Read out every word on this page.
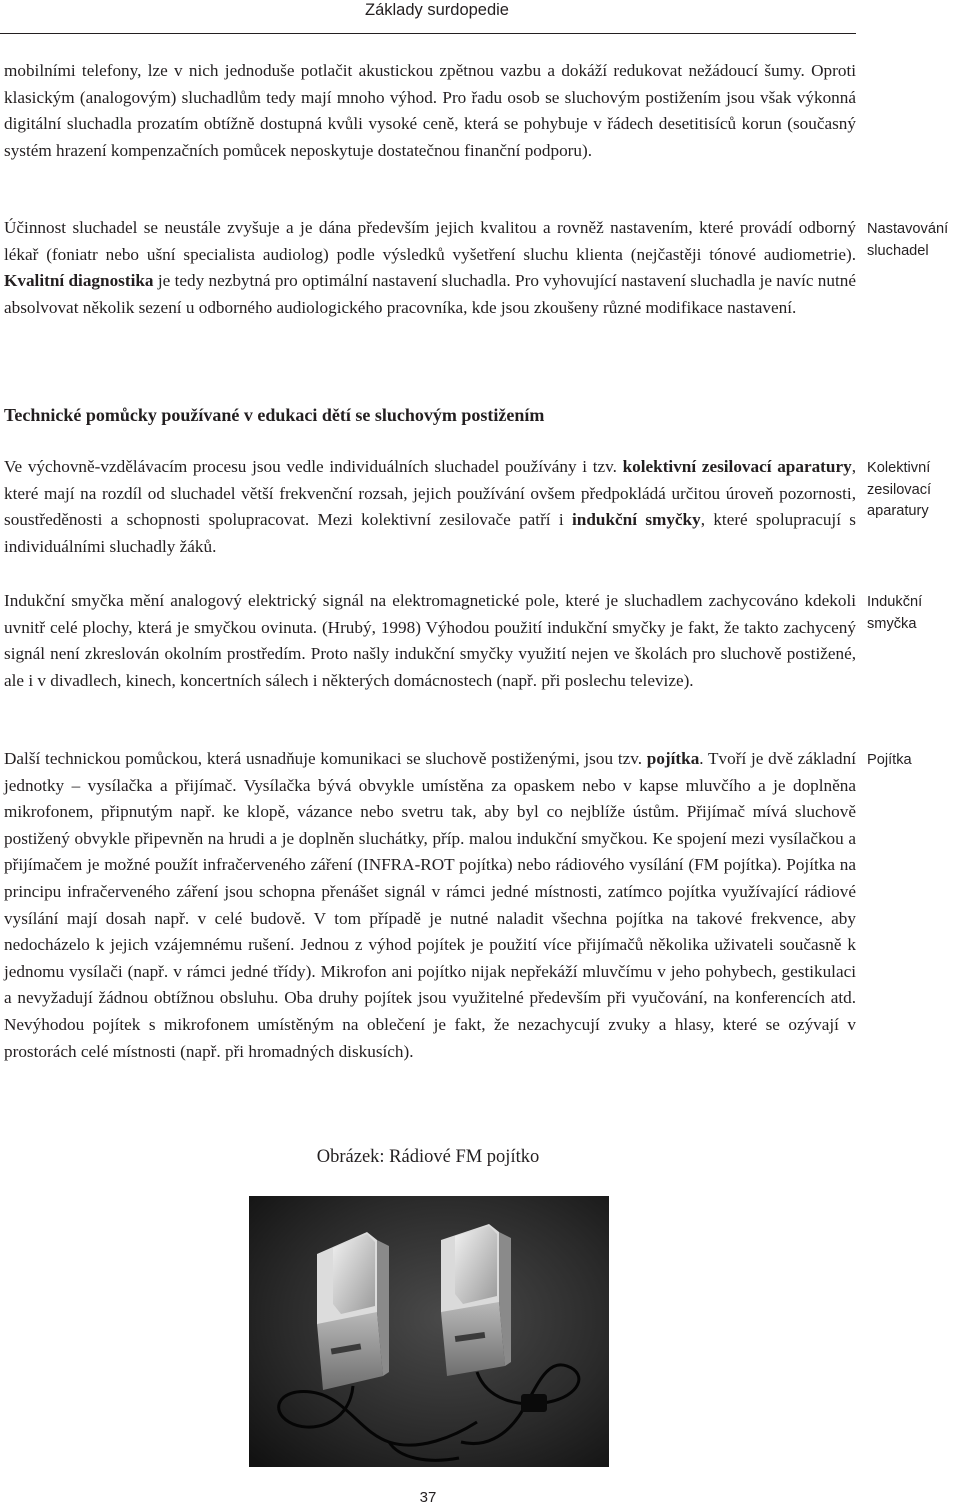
Základy surdopedie

mobilními telefony, lze v nich jednoduše potlačit akustickou zpětnou vazbu a dokáží redukovat nežádoucí šumy. Oproti klasickým (analogovým) sluchadlům tedy mají mnoho výhod. Pro řadu osob se sluchovým postižením jsou však výkonná digitální sluchadla prozatím obtížně dostupná kvůli vysoké ceně, která se pohybuje v řádech desetitisíců korun (současný systém hrazení kompenzačních pomůcek neposkytuje dostatečnou finanční podporu).

Účinnost sluchadel se neustále zvyšuje a je dána především jejich kvalitou a rovněž nastavením, které provádí odborný lékař (foniatr nebo ušní specialista audiolog) podle výsledků vyšetření sluchu klienta (nejčastěji tónové audiometrie). Kvalitní diagnostika je tedy nezbytná pro optimální nastavení sluchadla. Pro vyhovující nastavení sluchadla je navíc nutné absolvovat několik sezení u odborného audiologického pracovníka, kde jsou zkoušeny různé modifikace nastavení.

Nastavování sluchadel

Technické pomůcky používané v edukaci dětí se sluchovým postižením

Ve výchovně-vzdělávacím procesu jsou vedle individuálních sluchadel používány i tzv. kolektivní zesilovací aparatury, které mají na rozdíl od sluchadel větší frekvenční rozsah, jejich používání ovšem předpokládá určitou úroveň pozornosti, soustředěnosti a schopnosti spolupracovat. Mezi kolektivní zesilovače patří i indukční smyčky, které spolupracují s individuálními sluchadly žáků.

Kolektivní zesilovací aparatury

Indukční smyčka mění analogový elektrický signál na elektromagnetické pole, které je sluchadlem zachycováno kdekoli uvnitř celé plochy, která je smyčkou ovinuta. (Hrubý, 1998) Výhodou použití indukční smyčky je fakt, že takto zachycený signál není zkreslován okolním prostředím. Proto našly indukční smyčky využití nejen ve školách pro sluchově postižené, ale i v divadlech, kinech, koncertních sálech i některých domácnostech (např. při poslechu televize).

Indukční smyčka

Další technickou pomůckou, která usnadňuje komunikaci se sluchově postiženými, jsou tzv. pojítka. Tvoří je dvě základní jednotky – vysílačka a přijímač. Vysílačka bývá obvykle umístěna za opaskem nebo v kapse mluvčího a je doplněna mikrofonem, připnutým např. ke klopě, vázance nebo svetru tak, aby byl co nejblíže ústům. Přijímač mívá sluchově postižený obvykle připevněn na hrudi a je doplněn sluchátky, příp. malou indukční smyčkou. Ke spojení mezi vysílačkou a přijímačem je možné použít infračerveného záření (INFRA-ROT pojítka) nebo rádiového vysílání (FM pojítka). Pojítka na principu infračerveného záření jsou schopna přenášet signál v rámci jedné místnosti, zatímco pojítka využívající rádiové vysílání mají dosah např. v celé budově. V tom případě je nutné naladit všechna pojítka na takové frekvence, aby nedocházelo k jejich vzájemnému rušení. Jednou z výhod pojítek je použití více přijímačů několika uživateli současně k jednomu vysílači (např. v rámci jedné třídy). Mikrofon ani pojítko nijak nepřekáží mluvčímu v jeho pohybech, gestikulaci a nevyžadují žádnou obtížnou obsluhu. Oba druhy pojítek jsou využitelné především při vyučování, na konferencích atd. Nevýhodou pojítek s mikrofonem umístěným na oblečení je fakt, že nezachycují zvuky a hlasy, které se ozývají v prostorách celé místnosti (např. při hromadných diskusích).

Pojítka

Obrázek: Rádiové FM pojítko

37
